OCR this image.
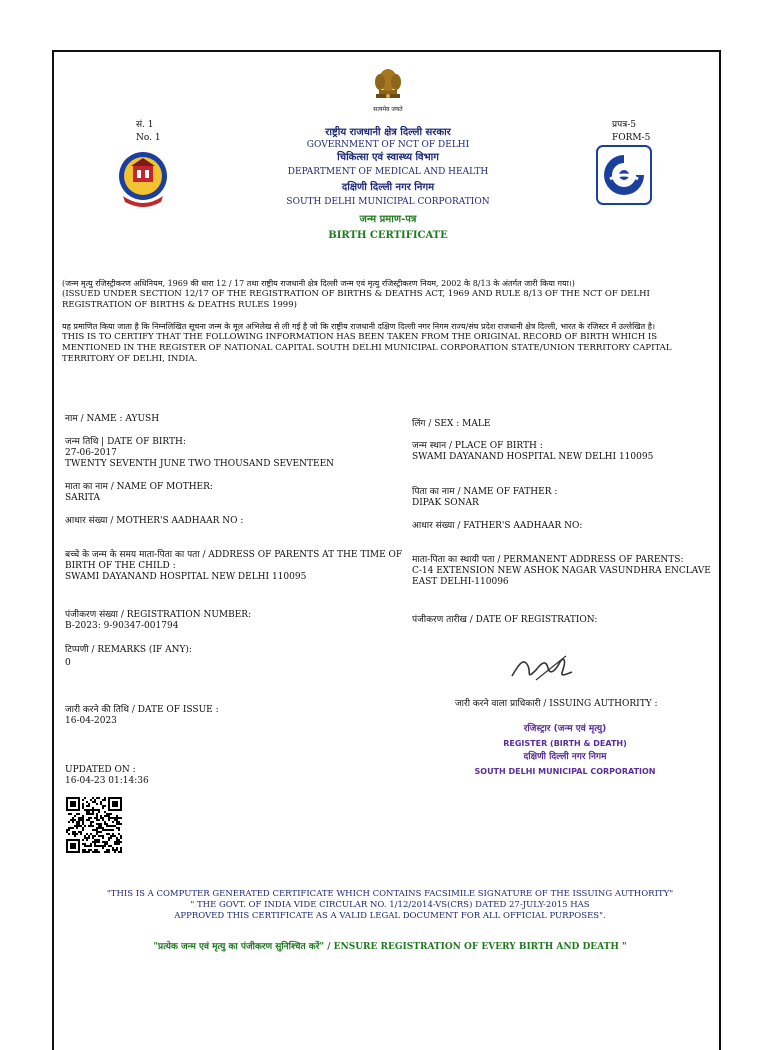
सत्यमेव जयते
सं. 1
No. 1
प्रपत्र-5
FORM-5
राष्ट्रीय राजधानी क्षेत्र दिल्ली सरकार
GOVERNMENT OF NCT OF DELHI
चिकित्सा एवं स्वास्थ्य विभाग
DEPARTMENT OF MEDICAL AND HEALTH
दक्षिणी दिल्ली नगर निगम
SOUTH DELHI MUNICIPAL CORPORATION
जन्म प्रमाण-पत्र
BIRTH CERTIFICATE
(जन्म मृत्यु रजिस्ट्रीकरण अधिनियम, 1969 की धारा 12 / 17 तथा राष्ट्रीय राजधानी क्षेत्र दिल्ली जन्म एवं मृत्यु रजिस्ट्रीकरण नियम, 2002 के 8/13 के अंतर्गत जारी किया गया।)
(ISSUED UNDER SECTION 12/17 OF THE REGISTRATION OF BIRTHS & DEATHS ACT, 1969 AND RULE 8/13 OF THE NCT OF DELHI REGISTRATION OF BIRTHS & DEATHS RULES 1999)
यह प्रमाणित किया जाता है कि निम्नलिखित सूचना जन्म के मूल अभिलेख से ली गई है जो कि राष्ट्रीय राजधानी दक्षिण दिल्ली नगर निगम राज्य/संघ प्रदेश राजधानी क्षेत्र दिल्ली, भारत के रजिस्टर में उल्लेखित है।
THIS IS TO CERTIFY THAT THE FOLLOWING INFORMATION HAS BEEN TAKEN FROM THE ORIGINAL RECORD OF BIRTH WHICH IS MENTIONED IN THE REGISTER OF NATIONAL CAPITAL SOUTH DELHI MUNICIPAL CORPORATION STATE/UNION TERRITORY CAPITAL TERRITORY OF DELHI, INDIA.
नाम / NAME : AYUSH
जन्म तिथि | DATE OF BIRTH:
27-06-2017
TWENTY SEVENTH JUNE TWO THOUSAND SEVENTEEN
माता का नाम / NAME OF MOTHER:
SARITA
आधार संख्या / MOTHER'S AADHAAR NO :
बच्चे के जन्म के समय माता-पिता का पता / ADDRESS OF PARENTS AT THE TIME OF
BIRTH OF THE CHILD :
SWAMI DAYANAND HOSPITAL NEW DELHI 110095
पंजीकरण संख्या / REGISTRATION NUMBER:
B-2023: 9-90347-001794
टिप्पणी / REMARKS (IF ANY):
0
जारी करने की तिथि / DATE OF ISSUE :
16-04-2023
UPDATED ON :
16-04-23 01:14:36
लिंग / SEX : MALE
जन्म स्थान / PLACE OF BIRTH :
SWAMI DAYANAND HOSPITAL NEW DELHI 110095
पिता का नाम / NAME OF FATHER :
DIPAK SONAR
आधार संख्या / FATHER'S AADHAAR NO:
माता-पिता का स्थायी पता / PERMANENT ADDRESS OF PARENTS:
C-14 EXTENSION NEW ASHOK NAGAR VASUNDHRA ENCLAVE
EAST DELHI-110096
पंजीकरण तारीख / DATE OF REGISTRATION:
जारी करने वाला प्राधिकारी / ISSUING AUTHORITY :
रजिस्ट्रार (जन्म एवं मृत्यु)
REGISTER (BIRTH & DEATH)
दक्षिणी दिल्ली नगर निगम
SOUTH DELHI MUNICIPAL CORPORATION
"THIS IS A COMPUTER GENERATED CERTIFICATE WHICH CONTAINS FACSIMILE SIGNATURE OF THE ISSUING AUTHORITY"
" THE GOVT. OF INDIA VIDE CIRCULAR NO. 1/12/2014-VS(CRS) DATED 27-JULY-2015 HAS
APPROVED THIS CERTIFICATE AS A VALID LEGAL DOCUMENT FOR ALL OFFICIAL PURPOSES".
"प्रत्येक जन्म एवं मृत्यु का पंजीकरण सुनिश्चित करें" / ENSURE REGISTRATION OF EVERY BIRTH AND DEATH "
